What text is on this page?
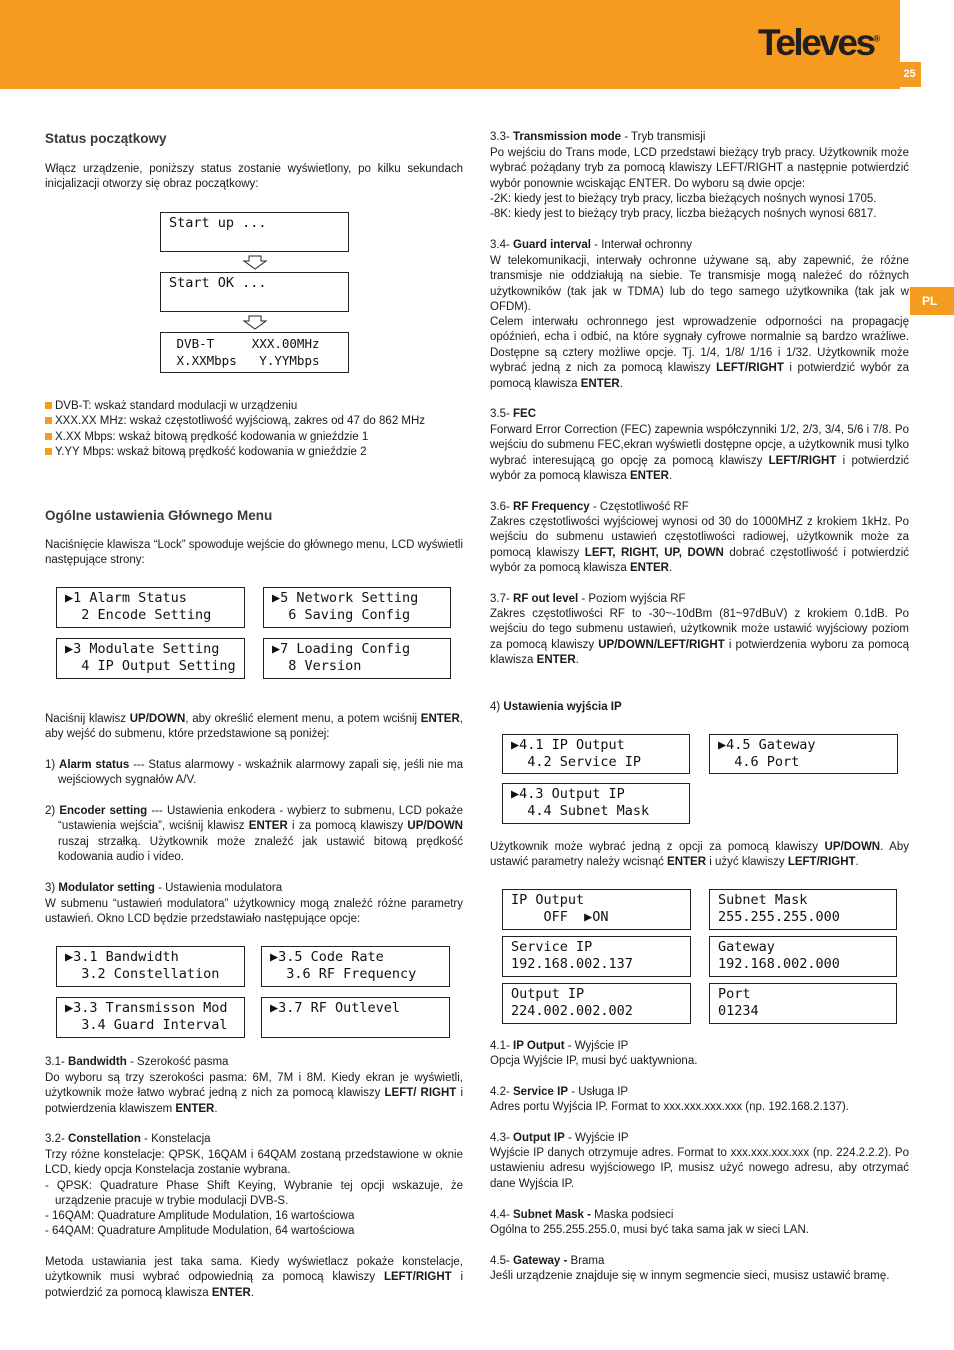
Televes®
25
PL
Status początkowy
Włącz urządzenie, poniższy status zostanie wyświetlony, po kilku sekundach inicjalizacji otworzy się obraz początkowy:
Start up ...
Start OK ...
DVB-T     XXX.00MHz
X.XXMbps   Y.YYMbps
DVB-T: wskaż standard modulacji w urządzeniu
XXX.XX MHz: wskaż częstotliwość wyjściową, zakres od 47 do 862 MHz
X.XX Mbps: wskaż bitową prędkość kodowania w gnieździe 1
Y.YY Mbps: wskaż bitową prędkość kodowania w gnieździe 2
Ogólne ustawienia Głównego Menu
Naciśnięcie klawisza “Lock” spowoduje wejście do głównego menu, LCD wyświetli następujące strony:
▶1 Alarm Status
2 Encode Setting
▶5 Network Setting
6 Saving Config
▶3 Modulate Setting
4 IP Output Setting
▶7 Loading Config
8 Version
Naciśnij klawisz UP/DOWN, aby określić element menu, a potem wciśnij ENTER, aby wejść do submenu, które przedstawione są poniżej:
1) Alarm status --- Status alarmowy - wskaźnik alarmowy zapali się, jeśli nie ma wejściowych sygnałów A/V.
2) Encoder setting --- Ustawienia enkodera - wybierz to submenu, LCD pokaże “ustawienia wejścia”, wciśnij klawisz ENTER i za pomocą klawiszy UP/DOWN ruszaj strzałką. Użytkownik może znaleźć jak ustawić bitową prędkość kodowania audio i video.
3) Modulator setting - Ustawienia modulatora
W submenu “ustawień modulatora” użytkownicy mogą znaleźć różne parametry ustawień. Okno LCD będzie przedstawiało następujące opcje:
▶3.1 Bandwidth
3.2 Constellation
▶3.5 Code Rate
3.6 RF Frequency
▶3.3 Transmisson Mod
3.4 Guard Interval
▶3.7 RF Outlevel
3.1- Bandwidth - Szerokość pasma
Do wyboru są trzy szerokości pasma: 6M, 7M i 8M. Kiedy ekran je wyświetli, użytkownik może łatwo wybrać jedną z nich za pomocą klawiszy LEFT/ RIGHT i potwierdzenia klawiszem ENTER.
3.2- Constellation - Konstelacja
Trzy różne konstelacje: QPSK, 16QAM i 64QAM zostaną przedstawione w oknie LCD, kiedy opcja Konstelacja zostanie wybrana.
- QPSK: Quadrature Phase Shift Keying, Wybranie tej opcji wskazuje, że urządzenie pracuje w trybie modulacji DVB-S.
- 16QAM: Quadrature Amplitude Modulation, 16 wartościowa
- 64QAM: Quadrature Amplitude Modulation, 64 wartościowa
Metoda ustawiania jest taka sama. Kiedy wyświetlacz pokaże konstelacje, użytkownik musi wybrać odpowiednią za pomocą klawiszy LEFT/RIGHT i potwierdzić za pomocą klawisza ENTER.
3.3- Transmission mode - Tryb transmisji
Po wejściu do Trans mode, LCD przedstawi bieżący tryb pracy. Użytkownik może wybrać pożądany tryb za pomocą klawiszy LEFT/RIGHT a następnie potwierdzić wybór ponownie wciskając ENTER. Do wyboru są dwie opcje:
-2K: kiedy jest to bieżący tryb pracy, liczba bieżących nośnych wynosi 1705.
-8K: kiedy jest to bieżący tryb pracy, liczba bieżących nośnych wynosi 6817.
3.4- Guard interval - Interwał ochronny
W telekomunikacji, interwały ochronne używane są, aby zapewnić, że różne transmisje nie oddziałują na siebie. Te transmisje mogą należeć do różnych użytkowników (tak jak w TDMA) lub do tego samego użytkownika (tak jak w OFDM).
Celem interwału ochronnego jest wprowadzenie odporności na propagację opóźnień, echa i odbić, na które sygnały cyfrowe normalnie są bardzo wrażliwe. Dostępne są cztery możliwe opcje. Tj. 1/4, 1/8/ 1/16 i 1/32. Użytkownik może wybrać jedną z nich za pomocą klawiszy LEFT/RIGHT i potwierdzić wybór za pomocą klawisza ENTER.
3.5- FEC
Forward Error Correction (FEC) zapewnia współczynniki 1/2, 2/3, 3/4, 5/6 i 7/8. Po wejściu do submenu FEC,ekran wyświetli dostępne opcje, a użytkownik musi tylko wybrać interesującą go opcję za pomocą klawiszy LEFT/RIGHT i potwierdzić wybór za pomocą klawisza ENTER.
3.6- RF Frequency - Częstotliwość RF
Zakres częstotliwości wyjściowej wynosi od 30 do 1000MHZ z krokiem 1kHz. Po wejściu do submenu ustawień częstotliwości radiowej, użytkownik może za pomocą klawiszy LEFT, RIGHT, UP, DOWN dobrać częstotliwość i potwierdzić wybór za pomocą klawisza ENTER.
3.7- RF out level - Poziom wyjścia RF
Zakres częstotliwości RF to -30~-10dBm (81~97dBuV) z krokiem 0.1dB. Po wejściu do tego submenu ustawień, użytkownik może ustawić wyjściowy poziom za pomocą klawiszy UP/DOWN/LEFT/RIGHT i potwierdzenia wyboru za pomocą klawisza ENTER.
4) Ustawienia wyjścia IP
▶4.1 IP Output
4.2 Service IP
▶4.5 Gateway
4.6 Port
▶4.3 Output IP
4.4 Subnet Mask
Użytkownik może wybrać jedną z opcji za pomocą klawiszy UP/DOWN. Aby ustawić parametry należy wcisnąć ENTER i użyć klawiszy LEFT/RIGHT.
IP Output
OFF  ▶ON
Subnet Mask
255.255.255.000
Service IP
192.168.002.137
Gateway
192.168.002.000
Output IP
224.002.002.002
Port
01234
4.1- IP Output - Wyjście IP
Opcja Wyjście IP, musi być uaktywniona.
4.2- Service IP - Usługa IP
Adres portu Wyjścia IP. Format to xxx.xxx.xxx.xxx (np. 192.168.2.137).
4.3- Output IP - Wyjście IP
Wyjście IP danych otrzymuje adres. Format to xxx.xxx.xxx.xxx (np. 224.2.2.2). Po ustawieniu adresu wyjściowego IP, musisz użyć nowego adresu, aby otrzymać dane Wyjścia IP.
4.4- Subnet Mask - Maska podsieci
Ogólna to 255.255.255.0, musi być taka sama jak w sieci LAN.
4.5- Gateway - Brama
Jeśli urządzenie znajduje się w innym segmencie sieci, musisz ustawić bramę.
